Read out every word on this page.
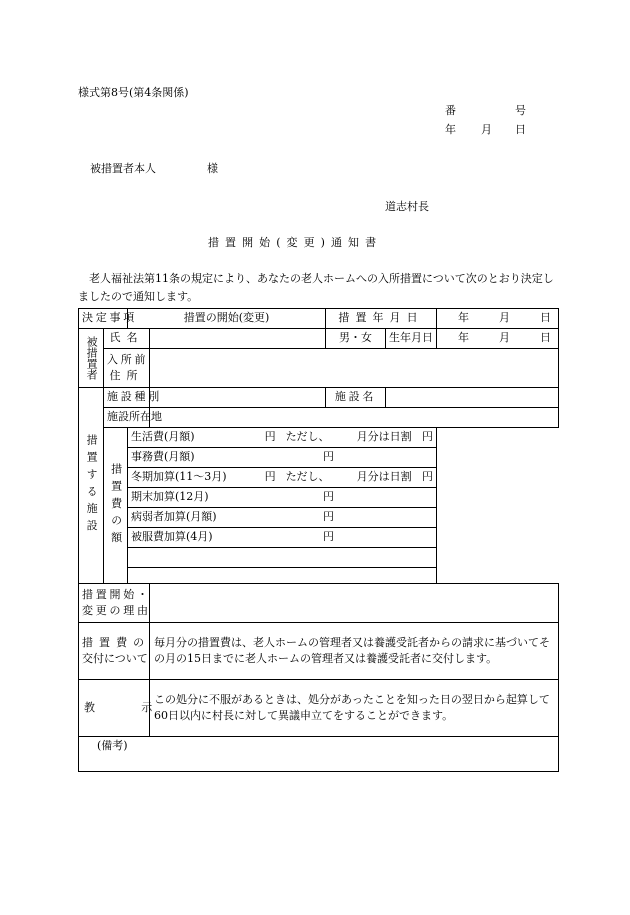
様式第8号(第4条関係)
番	号
年 月 日
被措置者本人	様
道志村長
措置開始(変更)通知書
老人福祉法第11条の規定により、あなたの老人ホームへの入所措置について次のとおり決定しましたので通知します。
決定事項		措置の開始(変更)		措置年月日		年 月 日

被措置者	氏名			男・女	生年月日	年 月 日

	入所前
住所					

措置する施設	施設種別			施設名		
	施設所在地					
	措置費の額	生活費(月額) 円 ただし、 月分は日割 円				

		事務費(月額) 円				

		冬期加算(11〜3月) 円 ただし、 月分は日割 円				

		期末加算(12月) 円				

		病弱者加算(月額) 円				

		被服費加算(4月) 円				

措置開始・
変更の理由						

措置費の
交付について			毎月分の措置費は、老人ホームの管理者又は養護受託者からの請求に基づいてその月の15日までに老人ホームの管理者又は養護受託者に交付します。			

教示			この処分に不服があるときは、処分があったことを知った日の翌日から起算して60日以内に村長に対して異議申立てをすることができます。			
(備考)						
